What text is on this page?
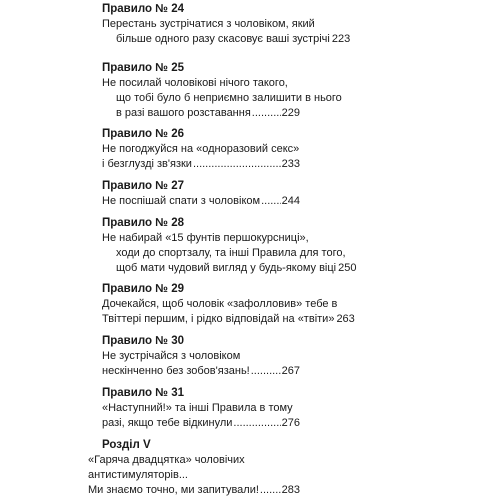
Правило № 24
Перестань зустрічатися з чоловіком, який
більше одного разу скасовує ваші зустрічі 223
Правило № 25
Не посилай чоловікові нічого такого,
що тобі було б неприємно залишити в нього
в разі вашого розставання .....	229
Правило № 26
Не погоджуйся на «одноразовий секс»
і безглузді зв'язки .....	233
Правило № 27
Не поспішай спати з чоловіком ..... 244
Правило № 28
Не набирай «15 фунтів першокурсниці»,
ходи до спортзалу, та інші Правила для того,
щоб мати чудовий вигляд у будь-якому віці 250
Правило № 29
Дочекайся, щоб чоловік «зафолловив» тебе в
Твіттері першим, і рідко відповідай на «твіти» 263
Правило № 30
Не зустрічайся з чоловіком
нескінченно без зобов'язань! .....	267
Правило № 31
«Наступний!» та інші Правила в тому
разі, якщо тебе відкинули .....	276
Розділ V
«Гаряча двадцятка» чоловічих
антистимуляторів...
Ми знаємо точно, ми запитували! ..... 283
